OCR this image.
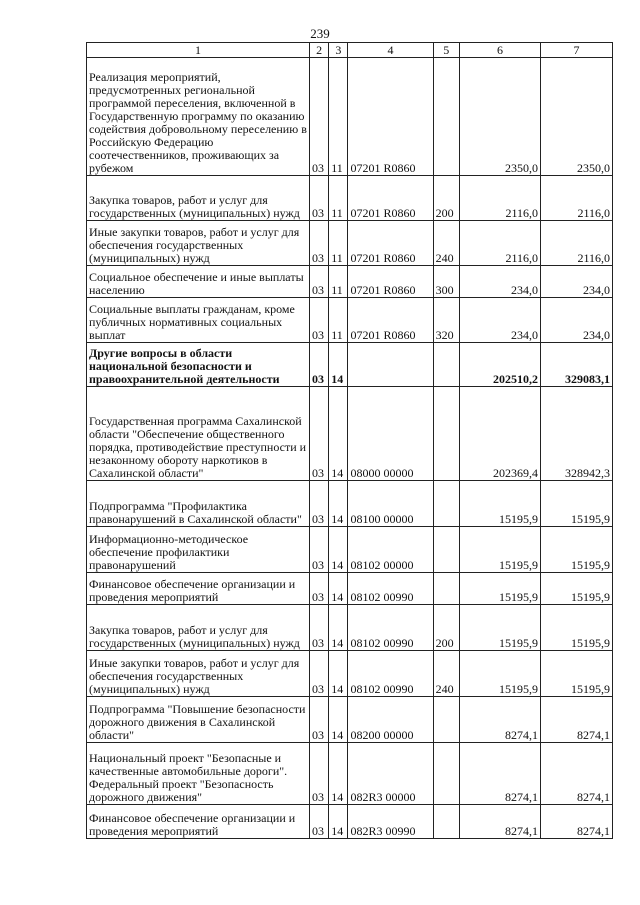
239
1	2	3	4	5	6	7
Реализация мероприятий, предусмотренных региональной программой переселения, включенной в Государственную программу по оказанию содействия добровольному переселению в Российскую Федерацию соотечественников, проживающих за рубежом	03	11	07201 R0860		2350,0	2350,0
Закупка товаров, работ и услуг для государственных (муниципальных) нужд	03	11	07201 R0860	200	2116,0	2116,0
Иные закупки товаров, работ и услуг для обеспечения государственных (муниципальных) нужд	03	11	07201 R0860	240	2116,0	2116,0
Социальное обеспечение и иные выплаты населению	03	11	07201 R0860	300	234,0	234,0
Социальные выплаты гражданам, кроме публичных нормативных социальных выплат	03	11	07201 R0860	320	234,0	234,0
Другие вопросы в области национальной безопасности и правоохранительной деятельности	03	14			202510,2	329083,1
Государственная программа Сахалинской области "Обеспечение общественного порядка, противодействие преступности и незаконному обороту наркотиков в Сахалинской области"	03	14	08000 00000		202369,4	328942,3
Подпрограмма "Профилактика правонарушений в Сахалинской области"	03	14	08100 00000		15195,9	15195,9
Информационно-методическое обеспечение профилактики правонарушений	03	14	08102 00000		15195,9	15195,9
Финансовое обеспечение организации и проведения мероприятий	03	14	08102 00990		15195,9	15195,9
Закупка товаров, работ и услуг для государственных (муниципальных) нужд	03	14	08102 00990	200	15195,9	15195,9
Иные закупки товаров, работ и услуг для обеспечения государственных (муниципальных) нужд	03	14	08102 00990	240	15195,9	15195,9
Подпрограмма "Повышение безопасности дорожного движения в Сахалинской области"	03	14	08200 00000		8274,1	8274,1
Национальный проект "Безопасные и качественные автомобильные дороги". Федеральный проект "Безопасность дорожного движения"	03	14	082R3 00000		8274,1	8274,1
Финансовое обеспечение организации и проведения мероприятий	03	14	082R3 00990		8274,1	8274,1
